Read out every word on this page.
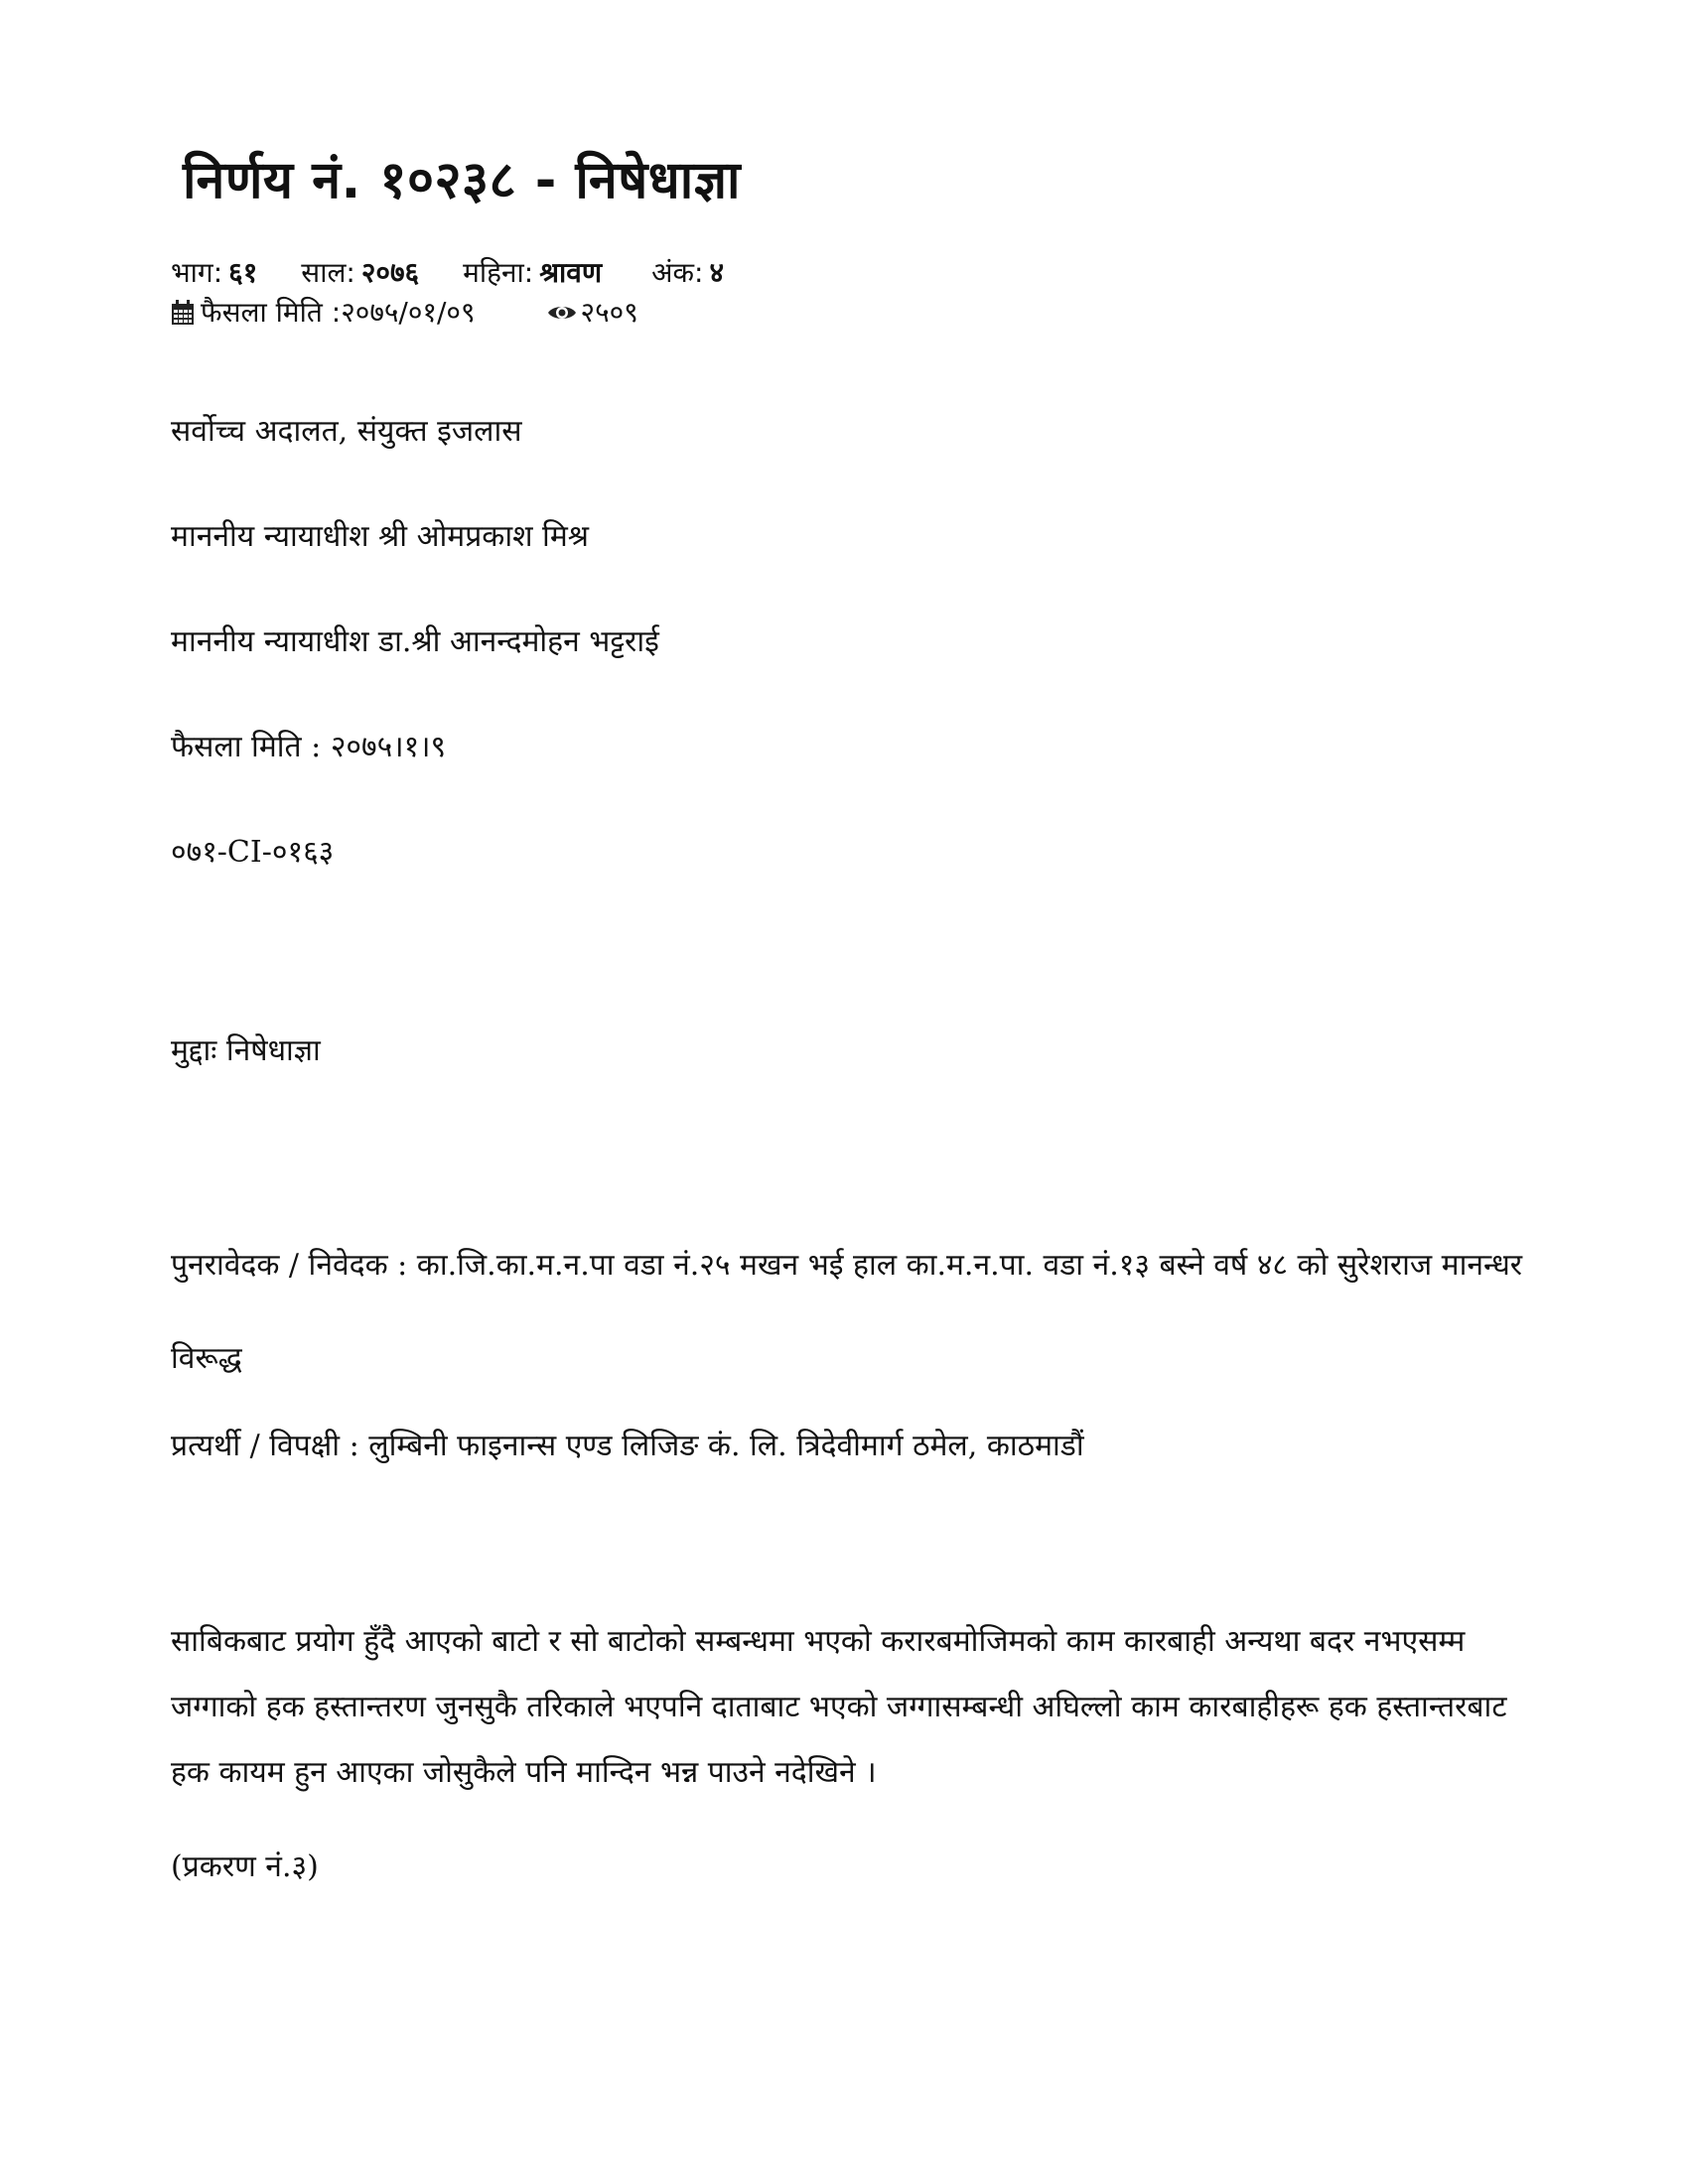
निर्णय नं. १०२३८ - निषेधाज्ञा
भाग: ६१ साल: २०७६ महिना: श्रावण अंक: ४
फैसला मिति :२०७५/०१/०९	२५०९

सर्वोच्च अदालत, संयुक्त इजलास

माननीय न्यायाधीश श्री ओमप्रकाश मिश्र

माननीय न्यायाधीश डा.श्री आनन्दमोहन भट्टराई

फैसला मिति : २०७५।१।९

०७१-CI-०१६३

मुद्दाः निषेधाज्ञा

पुनरावेदक / निवेदक : का.जि.का.म.न.पा वडा नं.२५ मखन भई हाल का.म.न.पा. वडा नं.१३ बस्ने वर्ष ४८ को सुरेशराज मानन्धर

विरूद्ध

प्रत्यर्थी / विपक्षी : लुम्बिनी फाइनान्स एण्ड लिजिङ कं. लि. त्रिदेवीमार्ग ठमेल, काठमाडौं

साबिकबाट प्रयोग हुँदै आएको बाटो र सो बाटोको सम्बन्धमा भएको करारबमोजिमको काम कारबाही अन्यथा बदर नभएसम्म जग्गाको हक हस्तान्तरण जुनसुकै तरिकाले भएपनि दाताबाट भएको जग्गासम्बन्धी अघिल्लो काम कारबाहीहरू हक हस्तान्तरबाट हक कायम हुन आएका जोसुकैले पनि मान्दिन भन्न पाउने नदेखिने ।

(प्रकरण नं.३)
